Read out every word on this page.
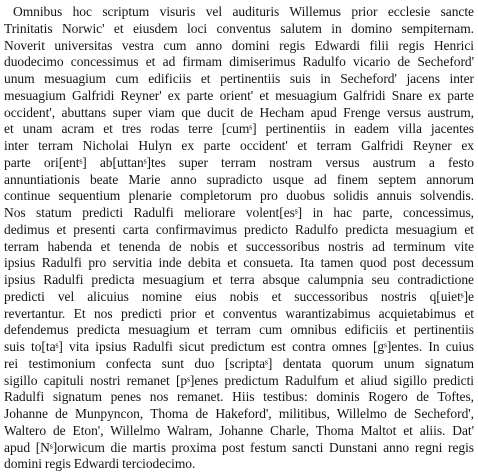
Omnibus hoc scriptum visuris vel audituris Willemus prior ecclesie sancte
Trinitatis Norwic' et eiusdem loci conventus salutem in domino sempiternam.
Noverit universitas vestra cum anno domini regis Edwardi filii regis Henrici
duodecimo concessimus et ad firmam dimiserimus Radulfo vicario de Secheford'
unum mesuagium cum edificiis et pertinentiis suis in Secheford' jacens inter
mesuagium Galfridi Reyner' ex parte orient' et mesuagium Galfridi Snare ex parte
occident', abuttans super viam que ducit de Hecham apud Frenge versus austrum,
et unam acram et tres rodas terre [cumˢ] pertinentiis in eadem villa jacentes
inter terram Nicholai Hulyn ex parte occident' et terram Galfridi Reyner ex
parte ori[entˢ] ab[uttanˢ]tes super terram nostram versus austrum a festo
annuntiationis beate Marie anno supradicto usque ad finem septem annorum
continue sequentium plenarie completorum pro duobus solidis annuis solvendis.
Nos statum predicti Radulfi meliorare volent[esˢ] in hac parte, concessimus,
dedimus et presenti carta confirmavimus predicto Radulfo predicta mesuagium et
terram habenda et tenenda de nobis et successoribus nostris ad terminum vite
ipsius Radulfi pro servitia inde debita et consueta. Ita tamen quod post decessum
ipsius Radulfi predicta mesuagium et terra absque calumpnia seu contradictione
predicti vel alicuius nomine eius nobis et successoribus nostris q[uietˢ]e
revertantur. Et nos predicti prior et conventus warantizabimus acquietabimus et
defendemus predicta mesuagium et terram cum omnibus edificiis et pertinentiis
suis to[taˢ] vita ipsius Radulfi sicut predictum est contra omnes [gˢ]entes. In cuius
rei testimonium confecta sunt duo [scriptaˢ] dentata quorum unum signatum
sigillo capituli nostri remanet [pˢ]enes predictum Radulfum et aliud sigillo predicti
Radulfi signatum penes nos remanet. Hiis testibus: dominis Rogero de Toftes,
Johanne de Munpyncon, Thoma de Hakeford', militibus, Willelmo de Secheford',
Waltero de Eton', Willelmo Walram, Johanne Charle, Thoma Maltot et aliis. Dat'
apud [Nˢ]orwicum die martis proxima post festum sancti Dunstani anno regni regis
domini regis Edwardi terciodecimo.
